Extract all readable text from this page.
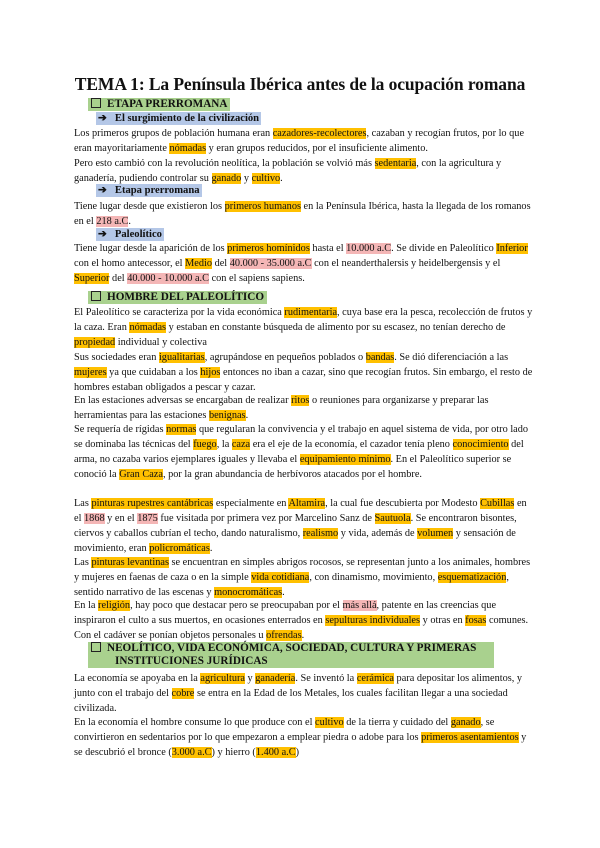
TEMA 1: La Península Ibérica antes de la ocupación romana
ETAPA PRERROMANA
➔ El surgimiento de la civilización
Los primeros grupos de población humana eran cazadores-recolectores, cazaban y recogían frutos, por lo que eran mayoritariamente nómadas y eran grupos reducidos, por el insuficiente alimento.
Pero esto cambió con la revolución neolítica, la población se volvió más sedentaria, con la agricultura y ganadería, pudiendo controlar su ganado y cultivo.
➔ Etapa prerromana
Tiene lugar desde que existieron los primeros humanos en la Península Ibérica, hasta la llegada de los romanos en el 218 a.C.
➔ Paleolítico
Tiene lugar desde la aparición de los primeros homínidos hasta el 10.000 a.C. Se divide en Paleolítico Inferior con el homo antecessor, el Medio del 40.000 - 35.000 a.C con el neanderthalersis y heidelbergensis y el Superior del 40.000 - 10.000 a.C con el sapiens sapiens.
HOMBRE DEL PALEOLÍTICO
El Paleolítico se caracteriza por la vida económica rudimentaria, cuya base era la pesca, recolección de frutos y la caza. Eran nómadas y estaban en constante búsqueda de alimento por su escasez, no tenían derecho de propiedad individual y colectiva
Sus sociedades eran igualitarias, agrupándose en pequeños poblados o bandas. Se dió diferenciación a las mujeres ya que cuidaban a los hijos entonces no iban a cazar, sino que recogían frutos. Sin embargo, el resto de hombres estaban obligados a pescar y cazar.
En las estaciones adversas se encargaban de realizar ritos o reuniones para organizarse y preparar las herramientas para las estaciones benignas.
Se requería de rígidas normas que regularan la convivencia y el trabajo en aquel sistema de vida, por otro lado se dominaba las técnicas del fuego, la caza era el eje de la economía, el cazador tenía pleno conocimiento del arma, no cazaba varios ejemplares iguales y llevaba el equipamiento mínimo. En el Paleolítico superior se conoció la Gran Caza, por la gran abundancia de herbívoros atacados por el hombre.
Las pinturas rupestres cantábricas especialmente en Altamira, la cual fue descubierta por Modesto Cubillas en el 1868 y en el 1875 fue visitada por primera vez por Marcelino Sanz de Sautuola. Se encontraron bisontes, ciervos y caballos cubrían el techo, dando naturalismo, realismo y vida, además de volumen y sensación de movimiento, eran policromáticas.
Las pinturas levantinas se encuentran en simples abrigos rocosos, se representan junto a los animales, hombres y mujeres en faenas de caza o en la simple vida cotidiana, con dinamismo, movimiento, esquematización, sentido narrativo de las escenas y monocromáticas.
En la religión, hay poco que destacar pero se preocupaban por el más allá, patente en las creencias que inspiraron el culto a sus muertos, en ocasiones enterrados en sepulturas individuales y otras en fosas comunes. Con el cadáver se ponían objetos personales u ofrendas.
NEOLÍTICO, VIDA ECONÓMICA, SOCIEDAD, CULTURA Y PRIMERAS
INSTITUCIONES JURÍDICAS
La economía se apoyaba en la agricultura y ganadería. Se inventó la cerámica para depositar los alimentos, y junto con el trabajo del cobre se entra en la Edad de los Metales, los cuales facilitan llegar a una sociedad civilizada.
En la economía el hombre consume lo que produce con el cultivo de la tierra y cuidado del ganado, se convirtieron en sedentarios por lo que empezaron a emplear piedra o adobe para los primeros asentamientos y se descubrió el bronce (3.000 a.C) y hierro (1.400 a.C)
